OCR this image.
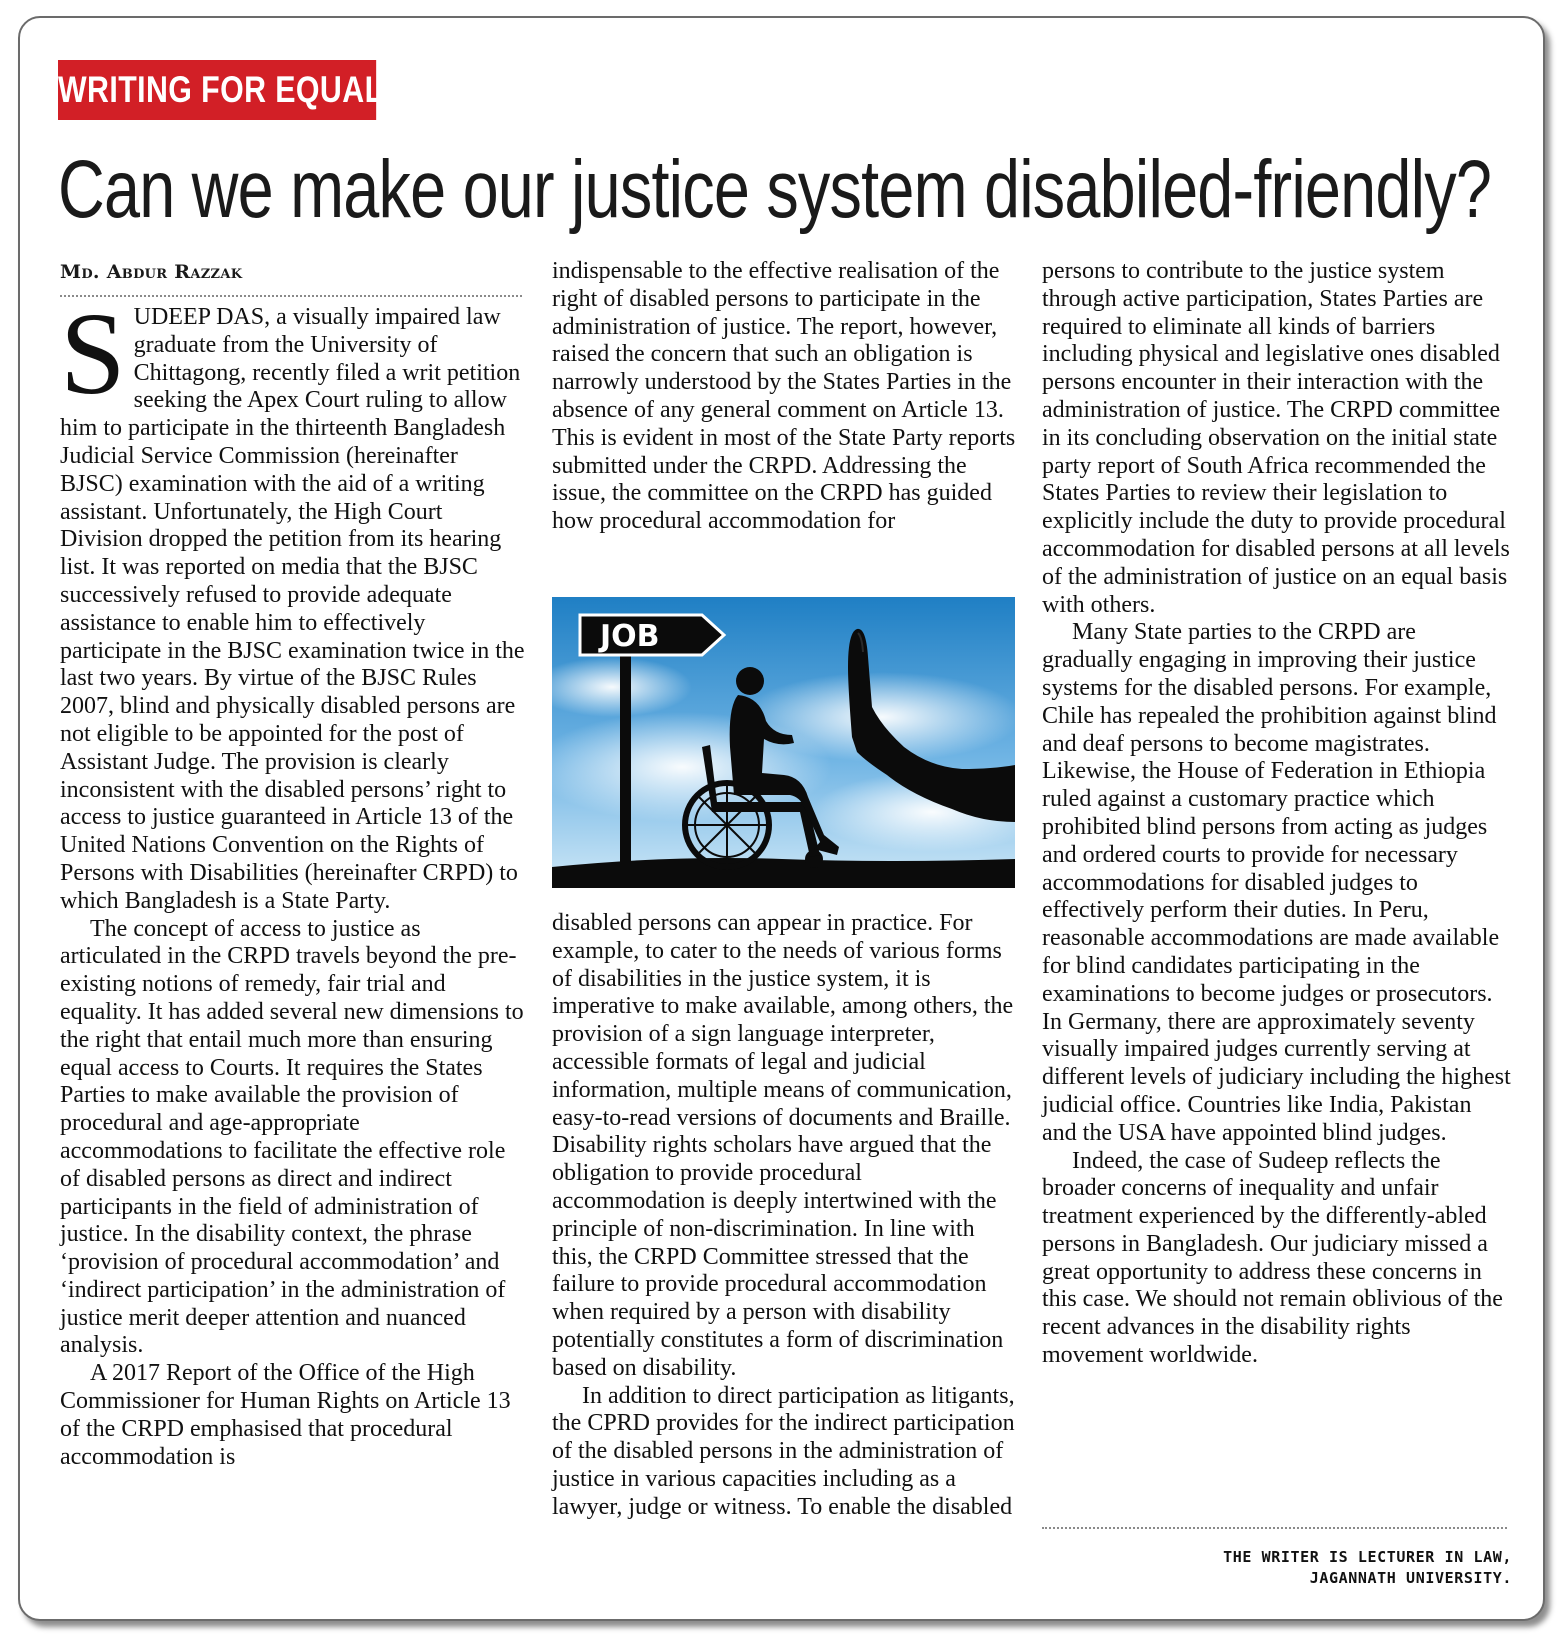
WRITING FOR EQUALITY
Can we make our justice system disabiled-friendly?
Md. Abdur Razzak

SUDEEP DAS, a visually impaired law graduate from the University of Chittagong, recently filed a writ petition seeking the Apex Court ruling to allow him to participate in the thirteenth Bangladesh Judicial Service Commission (hereinafter BJSC) examination with the aid of a writing assistant. Unfortunately, the High Court Division dropped the petition from its hearing list. It was reported on media that the BJSC successively refused to provide adequate assistance to enable him to effectively participate in the BJSC examination twice in the last two years. By virtue of the BJSC Rules 2007, blind and physically disabled persons are not eligible to be appointed for the post of Assistant Judge. The provision is clearly inconsistent with the disabled persons’ right to access to justice guaranteed in Article 13 of the United Nations Convention on the Rights of Persons with Disabilities (hereinafter CRPD) to which Bangladesh is a State Party.

The concept of access to justice as articulated in the CRPD travels beyond the pre-existing notions of remedy, fair trial and equality. It has added several new dimensions to the right that entail much more than ensuring equal access to Courts. It requires the States Parties to make available the provision of procedural and age-appropriate accommodations to facilitate the effective role of disabled persons as direct and indirect participants in the field of administration of justice. In the disability context, the phrase ‘provision of procedural accommodation’ and ‘indirect participation’ in the administration of justice merit deeper attention and nuanced analysis.

A 2017 Report of the Office of the High Commissioner for Human Rights on Article 13 of the CRPD emphasised that procedural accommodation is

indispensable to the effective realisation of the right of disabled persons to participate in the administration of justice. The report, however, raised the concern that such an obligation is narrowly understood by the States Parties in the absence of any general comment on Article 13. This is evident in most of the State Party reports submitted under the CRPD. Addressing the issue, the committee on the CRPD has guided how procedural accommodation for

JOB

disabled persons can appear in practice. For example, to cater to the needs of various forms of disabilities in the justice system, it is imperative to make available, among others, the provision of a sign language interpreter, accessible formats of legal and judicial information, multiple means of communication, easy-to-read versions of documents and Braille. Disability rights scholars have argued that the obligation to provide procedural accommodation is deeply intertwined with the principle of non-discrimination. In line with this, the CRPD Committee stressed that the failure to provide procedural accommodation when required by a person with disability potentially constitutes a form of discrimination based on disability.

In addition to direct participation as litigants, the CPRD provides for the indirect participation of the disabled persons in the administration of justice in various capacities including as a lawyer, judge or witness. To enable the disabled

persons to contribute to the justice system through active participation, States Parties are required to eliminate all kinds of barriers including physical and legislative ones disabled persons encounter in their interaction with the administration of justice. The CRPD committee in its concluding observation on the initial state party report of South Africa recommended the States Parties to review their legislation to explicitly include the duty to provide procedural accommodation for disabled persons at all levels of the administration of justice on an equal basis with others.

Many State parties to the CRPD are gradually engaging in improving their justice systems for the disabled persons. For example, Chile has repealed the prohibition against blind and deaf persons to become magistrates. Likewise, the House of Federation in Ethiopia ruled against a customary practice which prohibited blind persons from acting as judges and ordered courts to provide for necessary accommodations for disabled judges to effectively perform their duties. In Peru, reasonable accommodations are made available for blind candidates participating in the examinations to become judges or prosecutors. In Germany, there are approximately seventy visually impaired judges currently serving at different levels of judiciary including the highest judicial office. Countries like India, Pakistan and the USA have appointed blind judges.

Indeed, the case of Sudeep reflects the broader concerns of inequality and unfair treatment experienced by the differently-abled persons in Bangladesh. Our judiciary missed a great opportunity to address these concerns in this case. We should not remain oblivious of the recent advances in the disability rights movement worldwide.

THE WRITER IS LECTURER IN LAW,
JAGANNATH UNIVERSITY.
